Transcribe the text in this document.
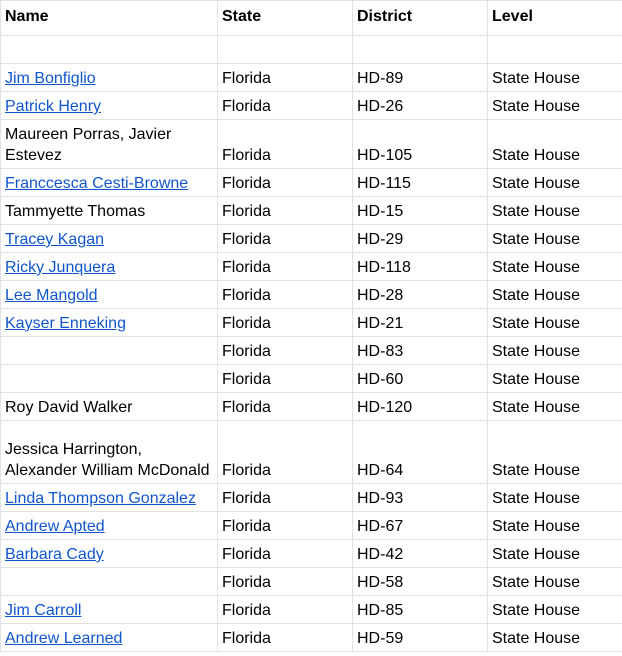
Name	State	District	Level

Jim Bonfiglio	Florida	HD-89	State House

Patrick Henry	Florida	HD-26	State House

Maureen Porras, Javier Estevez	Florida	HD-105	State House

Franccesca Cesti-Browne	Florida	HD-115	State House

Tammyette Thomas	Florida	HD-15	State House

Tracey Kagan	Florida	HD-29	State House

Ricky Junquera	Florida	HD-118	State House

Lee Mangold	Florida	HD-28	State House

Kayser Enneking	Florida	HD-21	State House

	Florida	HD-83	State House

	Florida	HD-60	State House

Roy David Walker	Florida	HD-120	State House

Jessica Harrington, Alexander William McDonald	Florida	HD-64	State House

Linda Thompson Gonzalez	Florida	HD-93	State House

Andrew Apted	Florida	HD-67	State House

Barbara Cady	Florida	HD-42	State House

	Florida	HD-58	State House

Jim Carroll	Florida	HD-85	State House

Andrew Learned	Florida	HD-59	State House
